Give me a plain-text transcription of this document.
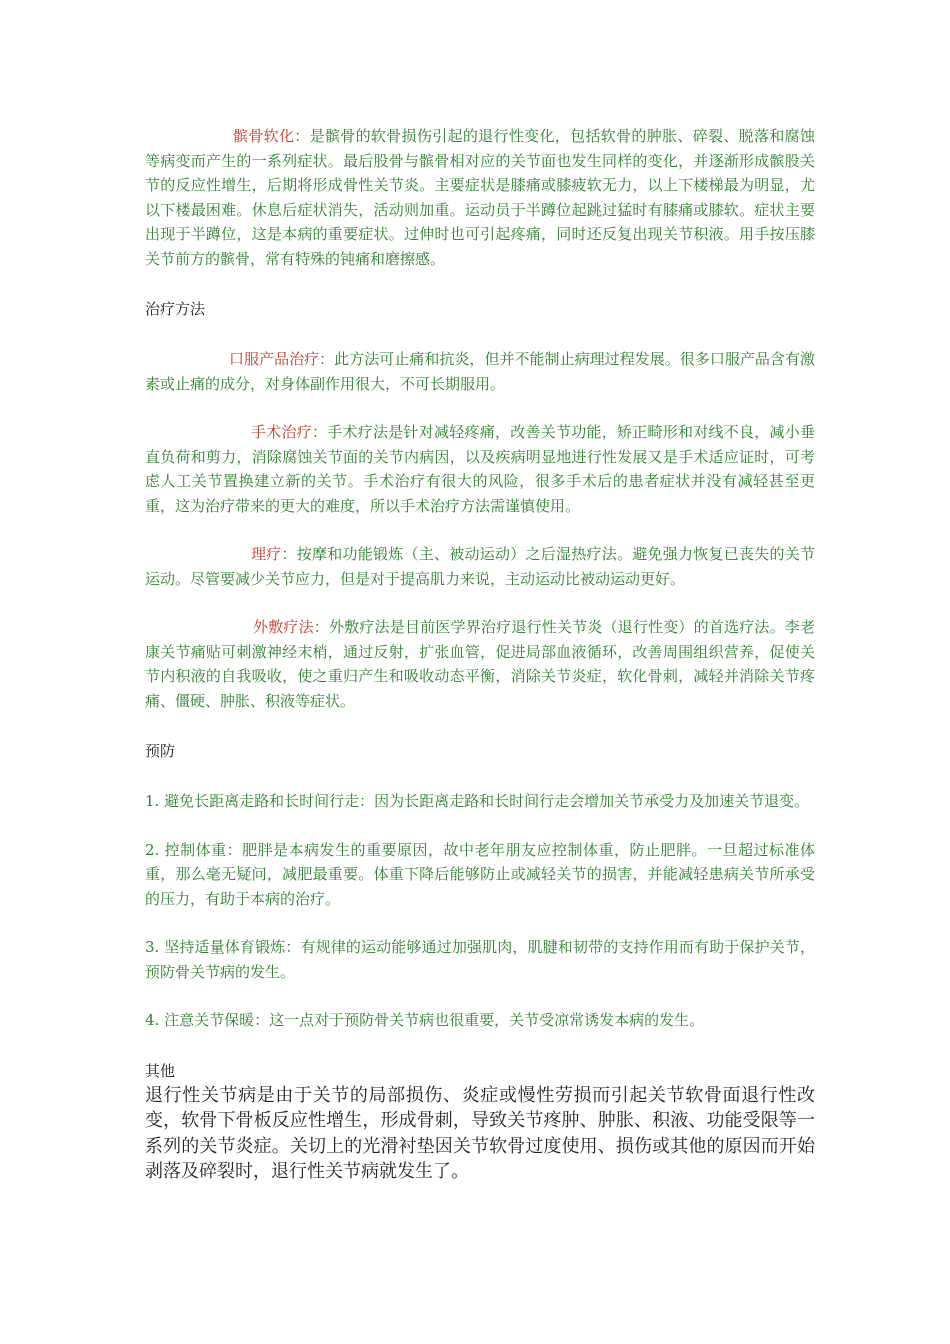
髌骨软化：是髌骨的软骨损伤引起的退行性变化，包括软骨的肿胀、碎裂、脱落和腐蚀等病变而产生的一系列症状。最后股骨与髌骨相对应的关节面也发生同样的变化，并逐渐形成髌股关节的反应性增生，后期将形成骨性关节炎。主要症状是膝痛或膝疲软无力，以上下楼梯最为明显，尤以下楼最困难。休息后症状消失，活动则加重。运动员于半蹲位起跳过猛时有膝痛或膝软。症状主要出现于半蹲位，这是本病的重要症状。过伸时也可引起疼痛，同时还反复出现关节积液。用手按压膝关节前方的髌骨，常有特殊的钝痛和磨擦感。

治疗方法

口服产品治疗：此方法可止痛和抗炎，但并不能制止病理过程发展。很多口服产品含有激素或止痛的成分，对身体副作用很大，不可长期服用。

手术治疗：手术疗法是针对减轻疼痛，改善关节功能，矫正畸形和对线不良，减小垂直负荷和剪力，消除腐蚀关节面的关节内病因，以及疾病明显地进行性发展又是手术适应证时，可考虑人工关节置换建立新的关节。手术治疗有很大的风险，很多手术后的患者症状并没有减轻甚至更重，这为治疗带来的更大的难度，所以手术治疗方法需谨慎使用。

理疗：按摩和功能锻炼（主、被动运动）之后湿热疗法。避免强力恢复已丧失的关节运动。尽管要减少关节应力，但是对于提高肌力来说，主动运动比被动运动更好。

外敷疗法：外敷疗法是目前医学界治疗退行性关节炎（退行性变）的首选疗法。李老康关节痛贴可刺激神经末梢，通过反射，扩张血管，促进局部血液循环，改善周围组织营养，促使关节内积液的自我吸收，使之重归产生和吸收动态平衡，消除关节炎症，软化骨刺，减轻并消除关节疼痛、僵硬、肿胀、积液等症状。

预防

1. 避免长距离走路和长时间行走：因为长距离走路和长时间行走会增加关节承受力及加速关节退变。

2. 控制体重：肥胖是本病发生的重要原因，故中老年朋友应控制体重，防止肥胖。一旦超过标准体重，那么毫无疑问，减肥最重要。体重下降后能够防止或减轻关节的损害，并能减轻患病关节所承受的压力，有助于本病的治疗。

3. 坚持适量体育锻炼：有规律的运动能够通过加强肌肉，肌腱和韧带的支持作用而有助于保护关节，预防骨关节病的发生。

4. 注意关节保暖：这一点对于预防骨关节病也很重要，关节受凉常诱发本病的发生。

其他

退行性关节病是由于关节的局部损伤、炎症或慢性劳损而引起关节软骨面退行性改变，软骨下骨板反应性增生，形成骨刺，导致关节疼肿、肿胀、积液、功能受限等一系列的关节炎症。关切上的光滑衬垫因关节软骨过度使用、损伤或其他的原因而开始剥落及碎裂时，退行性关节病就发生了。
